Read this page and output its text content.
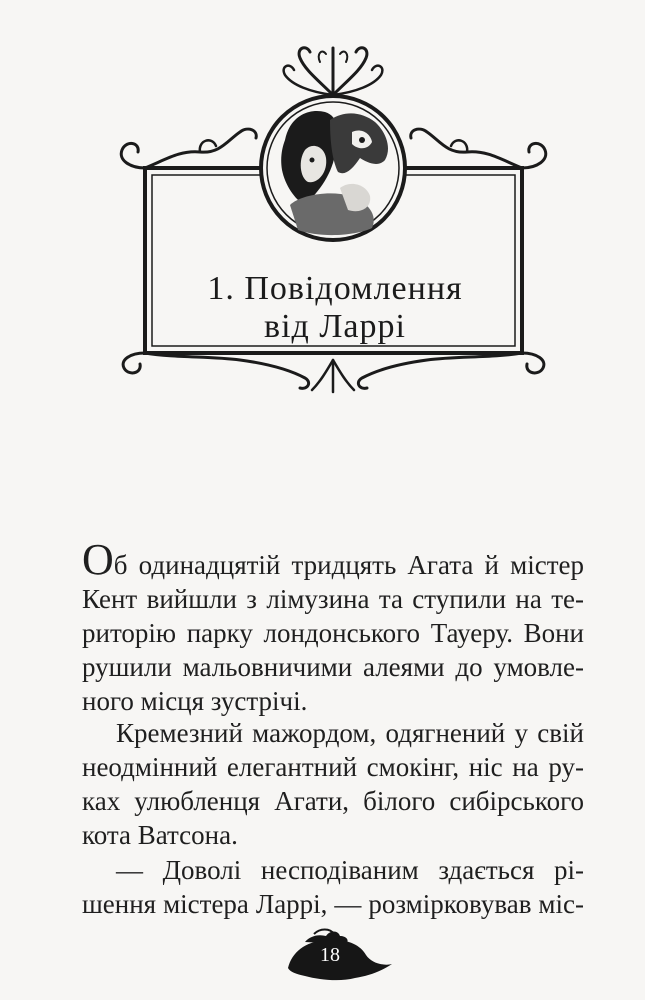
1. Повідомлення
від Ларрі
Об одинадцятій тридцять Агата й містер
Кент вийшли з лімузина та ступили на те-
риторію парку лондонського Тауеру. Вони
рушили мальовничими алеями до умовле-
ного місця зустрічі.
Кремезний мажордом, одягнений у свій
неодмінний елегантний смокінг, ніс на ру-
ках улюбленця Агати, білого сибірського
кота Ватсона.
— Доволі несподіваним здається рі-
шення містера Ларрі, — розмірковував міс-
18
